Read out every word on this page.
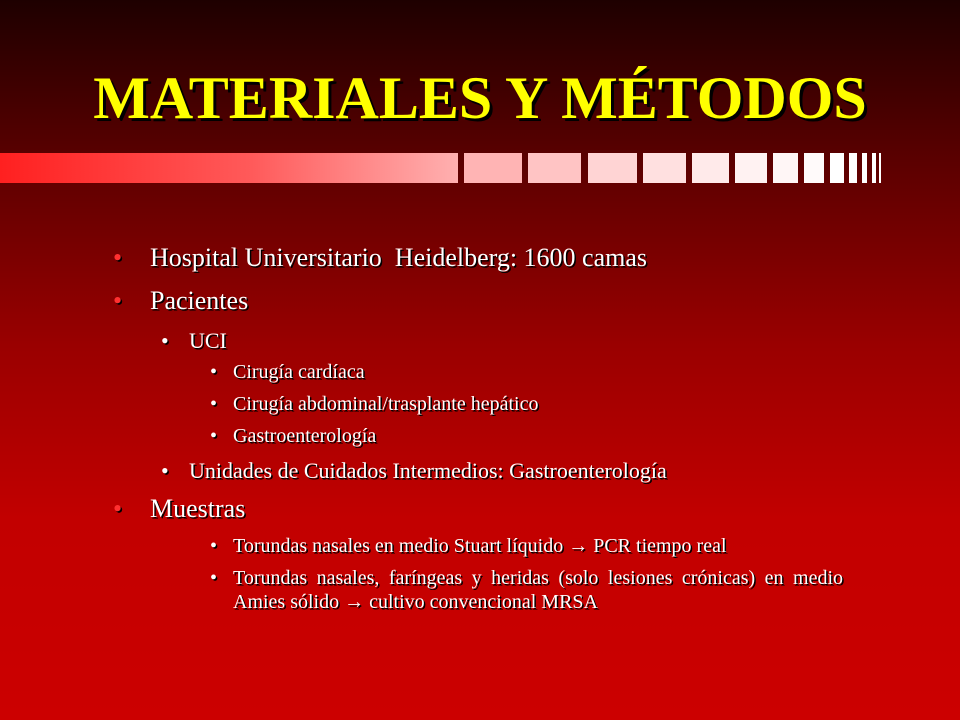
MATERIALES Y MÉTODOS
• Hospital Universitario  Heidelberg: 1600 camas
• Pacientes
• UCI
• Cirugía cardíaca
• Cirugía abdominal/trasplante hepático
• Gastroenterología
• Unidades de Cuidados Intermedios: Gastroenterología
• Muestras
• Torundas nasales en medio Stuart líquido → PCR tiempo real
• Torundas nasales, faríngeas y heridas (solo lesiones crónicas) en medio Amies sólido → cultivo convencional MRSA
